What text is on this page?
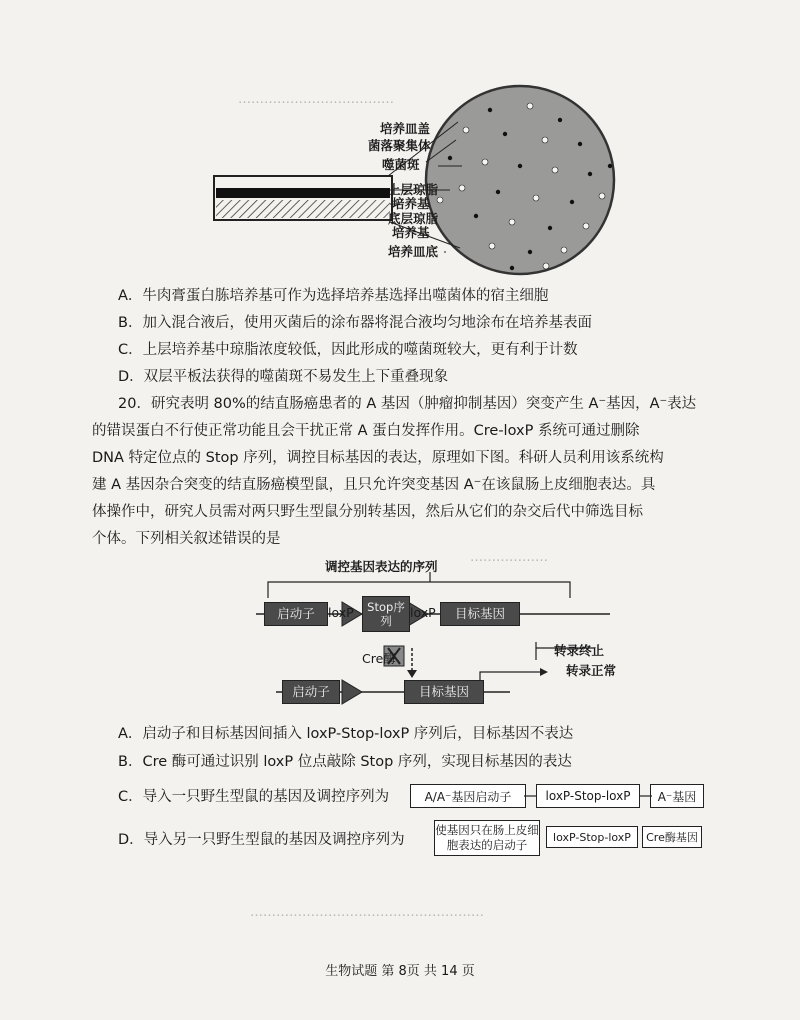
………………………………
………………
………………………………………………
培养皿盖
菌落聚集体
噬菌斑
上层琼脂
培养基
底层琼脂
培养基
培养皿底
A．牛肉膏蛋白胨培养基可作为选择培养基选择出噬菌体的宿主细胞
B．加入混合液后，使用灭菌后的涂布器将混合液均匀地涂布在培养基表面
C．上层培养基中琼脂浓度较低，因此形成的噬菌斑较大，更有利于计数
D．双层平板法获得的噬菌斑不易发生上下重叠现象
20．研究表明 80%的结直肠癌患者的 A 基因（肿瘤抑制基因）突变产生 A⁻基因，A⁻表达
的错误蛋白不行使正常功能且会干扰正常 A 蛋白发挥作用。Cre-loxP 系统可通过删除
DNA 特定位点的 Stop 序列，调控目标基因的表达，原理如下图。科研人员利用该系统构
建 A 基因杂合突变的结直肠癌模型鼠，且只允许突变基因 A⁻在该鼠肠上皮细胞表达。具
体操作中，研究人员需对两只野生型鼠分别转基因，然后从它们的杂交后代中筛选目标
个体。下列相关叙述错误的是
调控基因表达的序列
启动子	loxP	Stop序列
loxP	目标基因
Cre酶
转录终止
转录正常
启动子	目标基因
A．启动子和目标基因间插入 loxP-Stop-loxP 序列后，目标基因不表达
B．Cre 酶可通过识别 loxP 位点敲除 Stop 序列，实现目标基因的表达
C．导入一只野生型鼠的基因及调控序列为	A/A⁻基因启动子	loxP-Stop-loxP	A⁻基因
D．导入另一只野生型鼠的基因及调控序列为
使基因只在肠上皮细胞表达的启动子
loxP-Stop-loxP	Cre酶基因
生物试题 第 8页 共 14 页
